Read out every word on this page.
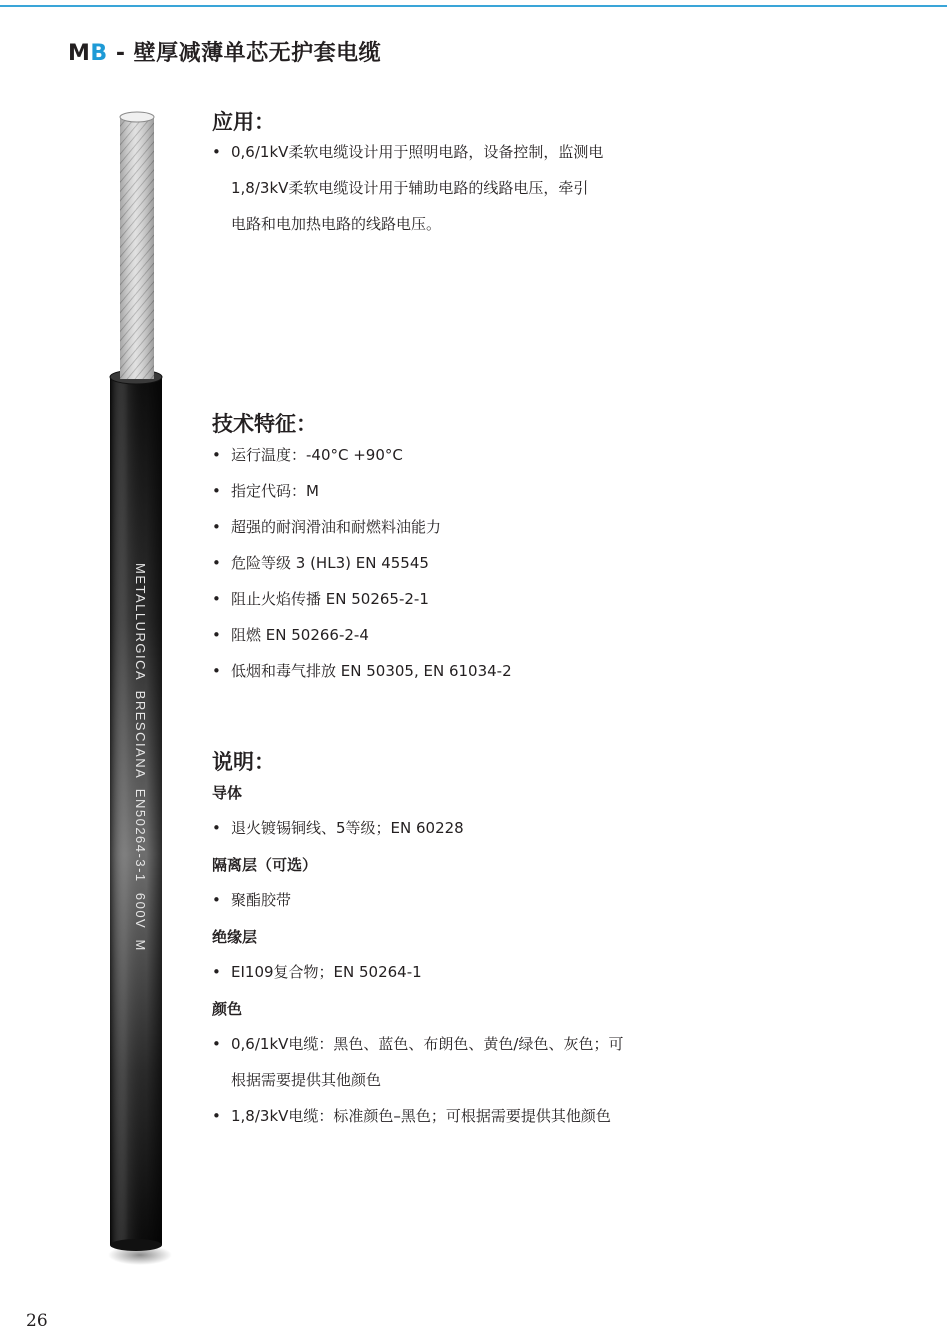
MB - 壁厚减薄单芯无护套电缆
METALLURGICA  BRESCIANA  EN50264-3-1  600V  M
应用：

• 0,6/1kV柔软电缆设计用于照明电路，设备控制，监测电

1,8/3kV柔软电缆设计用于辅助电路的线路电压，牵引

电路和电加热电路的线路电压。

技术特征：

• 运行温度：-40°C +90°C

• 指定代码：M

• 超强的耐润滑油和耐燃料油能力

• 危险等级 3 (HL3) EN 45545

• 阻止火焰传播 EN 50265-2-1

• 阻燃 EN 50266-2-4

• 低烟和毒气排放 EN 50305, EN 61034-2

说明：
导体

• 退火镀锡铜线、5等级；EN 60228

隔离层（可选）

• 聚酯胶带

绝缘层

• EI109复合物；EN 50264-1

颜色

• 0,6/1kV电缆：黑色、蓝色、布朗色、黄色/绿色、灰色；可

根据需要提供其他颜色

• 1,8/3kV电缆：标准颜色–黑色；可根据需要提供其他颜色

26
